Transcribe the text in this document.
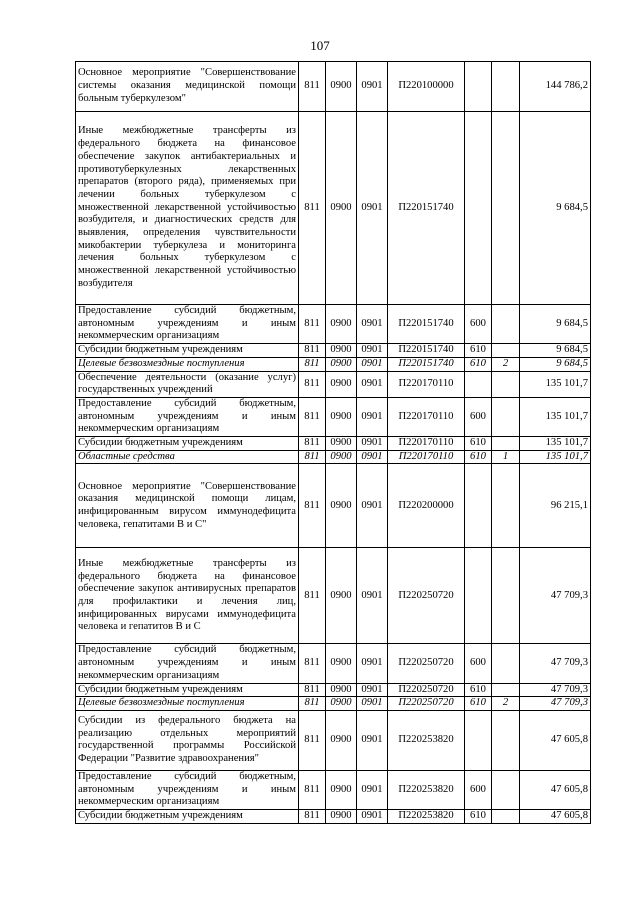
107
Основное мероприятие "Совершенствование системы оказания медицинской помощи больным туберкулезом"	811	0900	0901	П220100000			144 786,2
Иные межбюджетные трансферты из федерального бюджета на финансовое обеспечение закупок антибактериальных и противотуберкулезных лекарственных препаратов (второго ряда), применяемых при лечении больных туберкулезом с множественной лекарственной устойчивостью возбудителя, и диагностических средств для выявления, определения чувствительности микобактерии туберкулеза и мониторинга лечения больных туберкулезом с множественной лекарственной устойчивостью возбудителя	811	0900	0901	П220151740			9 684,5
Предоставление субсидий бюджетным, автономным учреждениям и иным некоммерческим организациям	811	0900	0901	П220151740	600		9 684,5
Субсидии бюджетным учреждениям	811	0900	0901	П220151740	610		9 684,5
Целевые безвозмездные поступления	811	0900	0901	П220151740	610	2	9 684,5
Обеспечение деятельности (оказание услуг) государственных учреждений	811	0900	0901	П220170110			135 101,7
Предоставление субсидий бюджетным, автономным учреждениям и иным некоммерческим организациям	811	0900	0901	П220170110	600		135 101,7
Субсидии бюджетным учреждениям	811	0900	0901	П220170110	610		135 101,7
Областные средства	811	0900	0901	П220170110	610	1	135 101,7
Основное мероприятие "Совершенствование оказания медицинской помощи лицам, инфицированным вирусом иммунодефицита человека, гепатитами В и С"	811	0900	0901	П220200000			96 215,1
Иные межбюджетные трансферты из федерального бюджета на финансовое обеспечение закупок антивирусных препаратов для профилактики и лечения лиц, инфицированных вирусами иммунодефицита человека и гепатитов В и С	811	0900	0901	П220250720			47 709,3
Предоставление субсидий бюджетным, автономным учреждениям и иным некоммерческим организациям	811	0900	0901	П220250720	600		47 709,3
Субсидии бюджетным учреждениям	811	0900	0901	П220250720	610		47 709,3
Целевые безвозмездные поступления	811	0900	0901	П220250720	610	2	47 709,3
Субсидии из федерального бюджета на реализацию отдельных мероприятий государственной программы Российской Федерации "Развитие здравоохранения"	811	0900	0901	П220253820			47 605,8
Предоставление субсидий бюджетным, автономным учреждениям и иным некоммерческим организациям	811	0900	0901	П220253820	600		47 605,8
Субсидии бюджетным учреждениям	811	0900	0901	П220253820	610		47 605,8
